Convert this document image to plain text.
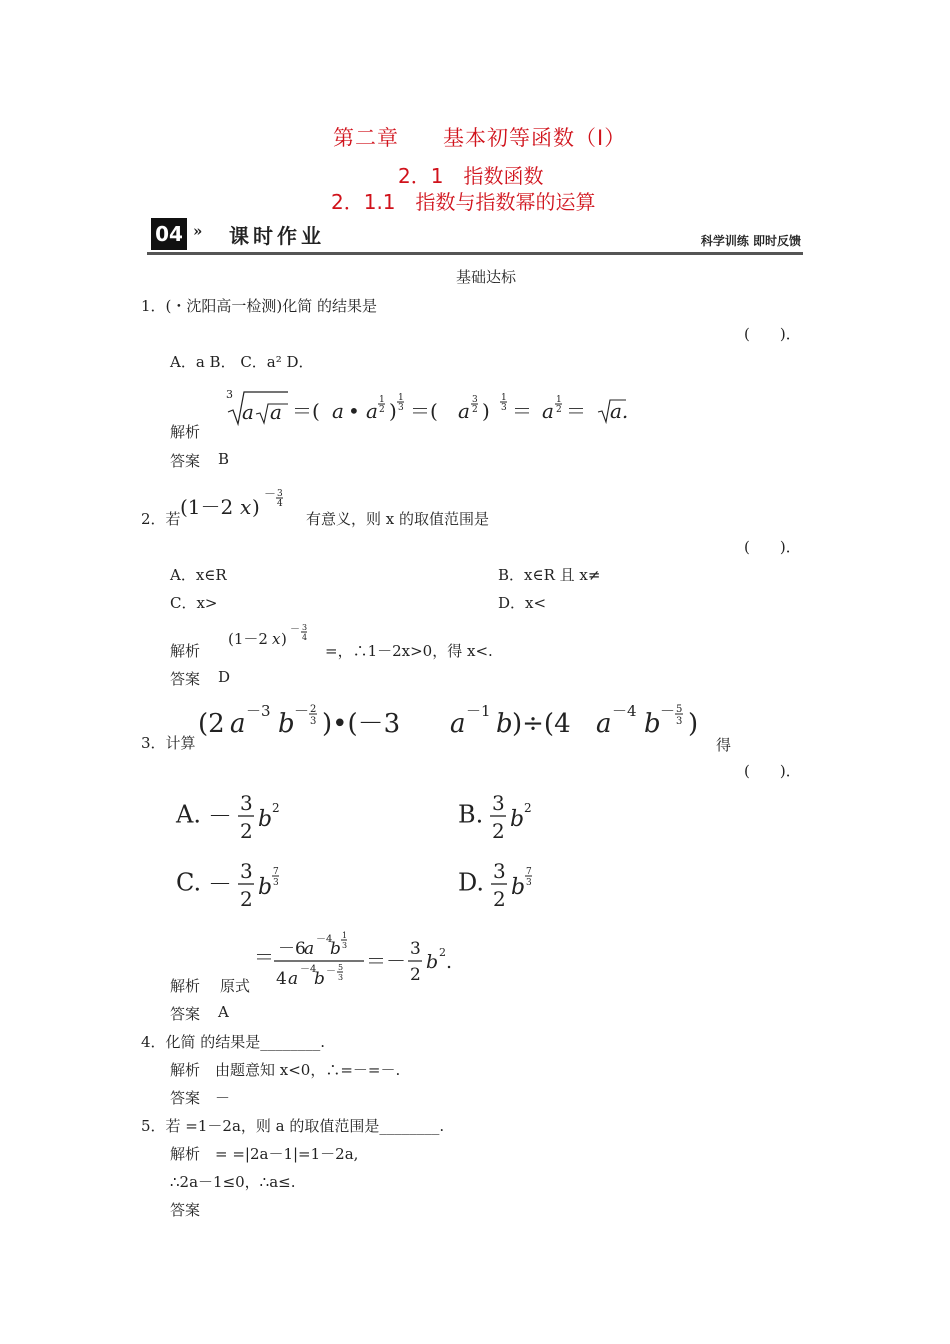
第二章　　基本初等函数（Ⅰ）
2．1　指数函数
2．1.1　指数与指数幂的运算
04 » 课时作业	科学训练 即时反馈
基础达标
1．(・沈阳高一检测)化简 的结果是
(　　)．
A．a B． C．a² D．
3
a a ＝( a • a 1
2 )
1
3 ＝( a 3
2 )
1
3 ＝ a 1
2 ＝ a.
解析
答案 B
2．若 (1－2 x )
－ 3
4
有意义，则 x 的取值范围是
(　　)．
A．x∈R	B．x∈R 且 x≠
C．x>	D．x<
解析
(1－2 x )
－ 3
4
=，∴1－2x>0，得 x<.
答案 D
3．计算
(2 a －3 b － 2
3 )•(－3 a －1 b )÷(4 a －4 b － 5
3 )
得
(　　)．
A. － 3
2 b 2	B. 3
2 b 2
C. － 3
2 b
7
3	D. 3
2 b
7
3
解析 原式
＝ －6
a －4
b
1
3
4 a －4
b － 5
3
＝－ 3
2
b 2 .
答案 A
4．化简 的结果是________.
解析　由题意知 x<0，∴=－=－.
答案　－
5．若 =1－2a，则 a 的取值范围是________.
解析　= =|2a－1|=1－2a,
∴2a－1≤0，∴a≤.
答案
